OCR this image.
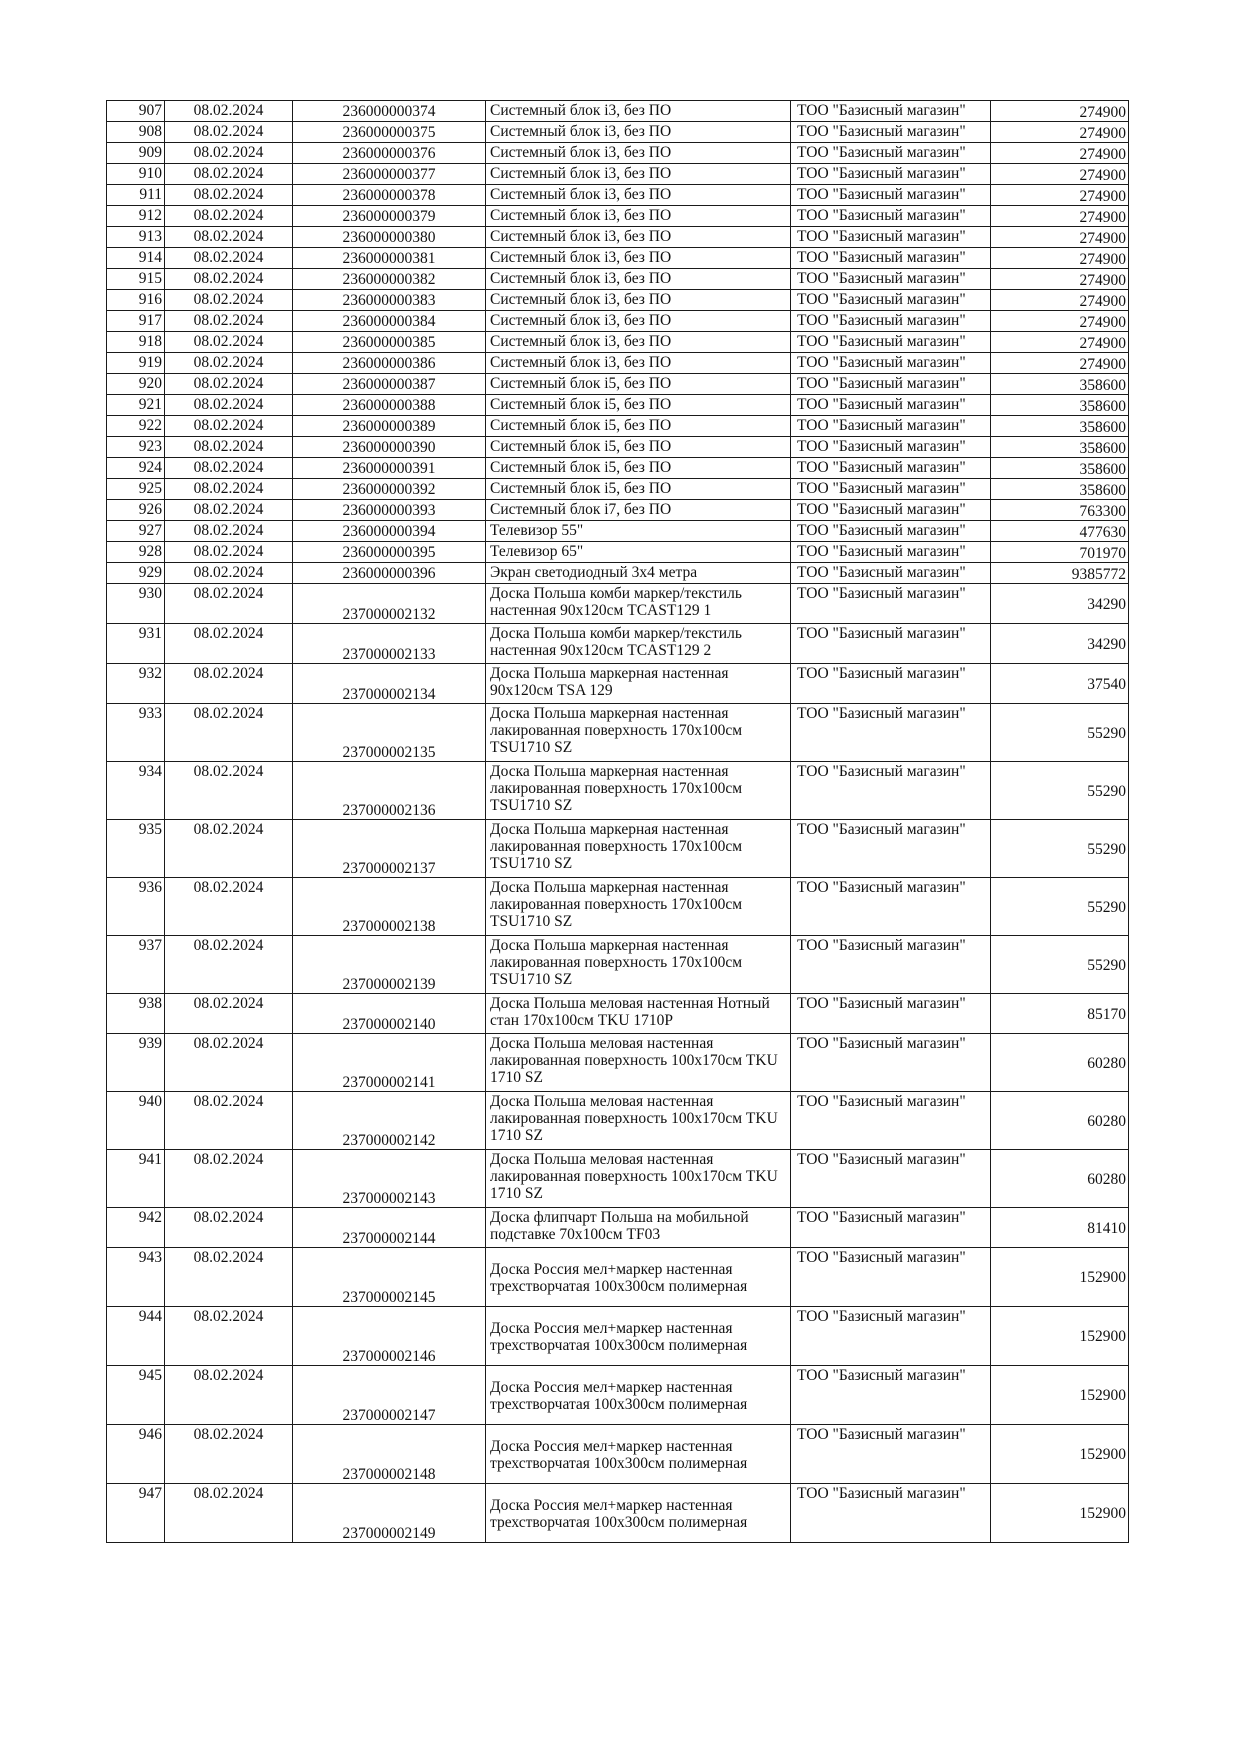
907	08.02.2024	236000000374	Системный блок i3, без ПО	ТОО "Базисный магазин"	274900
908	08.02.2024	236000000375	Системный блок i3, без ПО	ТОО "Базисный магазин"	274900
909	08.02.2024	236000000376	Системный блок i3, без ПО	ТОО "Базисный магазин"	274900
910	08.02.2024	236000000377	Системный блок i3, без ПО	ТОО "Базисный магазин"	274900
911	08.02.2024	236000000378	Системный блок i3, без ПО	ТОО "Базисный магазин"	274900
912	08.02.2024	236000000379	Системный блок i3, без ПО	ТОО "Базисный магазин"	274900
913	08.02.2024	236000000380	Системный блок i3, без ПО	ТОО "Базисный магазин"	274900
914	08.02.2024	236000000381	Системный блок i3, без ПО	ТОО "Базисный магазин"	274900
915	08.02.2024	236000000382	Системный блок i3, без ПО	ТОО "Базисный магазин"	274900
916	08.02.2024	236000000383	Системный блок i3, без ПО	ТОО "Базисный магазин"	274900
917	08.02.2024	236000000384	Системный блок i3, без ПО	ТОО "Базисный магазин"	274900
918	08.02.2024	236000000385	Системный блок i3, без ПО	ТОО "Базисный магазин"	274900
919	08.02.2024	236000000386	Системный блок i3, без ПО	ТОО "Базисный магазин"	274900
920	08.02.2024	236000000387	Системный блок i5, без ПО	ТОО "Базисный магазин"	358600
921	08.02.2024	236000000388	Системный блок i5, без ПО	ТОО "Базисный магазин"	358600
922	08.02.2024	236000000389	Системный блок i5, без ПО	ТОО "Базисный магазин"	358600
923	08.02.2024	236000000390	Системный блок i5, без ПО	ТОО "Базисный магазин"	358600
924	08.02.2024	236000000391	Системный блок i5, без ПО	ТОО "Базисный магазин"	358600
925	08.02.2024	236000000392	Системный блок i5, без ПО	ТОО "Базисный магазин"	358600
926	08.02.2024	236000000393	Системный блок i7, без ПО	ТОО "Базисный магазин"	763300
927	08.02.2024	236000000394	Телевизор 55"	ТОО "Базисный магазин"	477630
928	08.02.2024	236000000395	Телевизор 65"	ТОО "Базисный магазин"	701970
929	08.02.2024	236000000396	Экран светодиодный 3х4 метра	ТОО "Базисный магазин"	9385772
930	08.02.2024	237000002132	Доска Польша комби маркер/текстиль настенная 90х120см TCAST129 1	ТОО "Базисный магазин"	34290
931	08.02.2024	237000002133	Доска Польша комби маркер/текстиль настенная 90х120см TCAST129 2	ТОО "Базисный магазин"	34290
932	08.02.2024	237000002134	Доска Польша маркерная настенная 90х120см TSA 129	ТОО "Базисный магазин"	37540
933	08.02.2024	237000002135	Доска Польша маркерная настенная лакированная поверхность 170х100см TSU1710 SZ	ТОО "Базисный магазин"	55290
934	08.02.2024	237000002136	Доска Польша маркерная настенная лакированная поверхность 170х100см TSU1710 SZ	ТОО "Базисный магазин"	55290
935	08.02.2024	237000002137	Доска Польша маркерная настенная лакированная поверхность 170х100см TSU1710 SZ	ТОО "Базисный магазин"	55290
936	08.02.2024	237000002138	Доска Польша маркерная настенная лакированная поверхность 170х100см TSU1710 SZ	ТОО "Базисный магазин"	55290
937	08.02.2024	237000002139	Доска Польша маркерная настенная лакированная поверхность 170х100см TSU1710 SZ	ТОО "Базисный магазин"	55290
938	08.02.2024	237000002140	Доска Польша меловая настенная Нотный стан 170х100см TKU 1710P	ТОО "Базисный магазин"	85170
939	08.02.2024	237000002141	Доска Польша меловая настенная лакированная поверхность 100х170см TKU 1710 SZ	ТОО "Базисный магазин"	60280
940	08.02.2024	237000002142	Доска Польша меловая настенная лакированная поверхность 100х170см TKU 1710 SZ	ТОО "Базисный магазин"	60280
941	08.02.2024	237000002143	Доска Польша меловая настенная лакированная поверхность 100х170см TKU 1710 SZ	ТОО "Базисный магазин"	60280
942	08.02.2024	237000002144	Доска флипчарт Польша на мобильной подставке 70х100см TF03	ТОО "Базисный магазин"	81410
943	08.02.2024	237000002145	Доска Россия мел+маркер настенная трехстворчатая 100х300см полимерная	ТОО "Базисный магазин"	152900
944	08.02.2024	237000002146	Доска Россия мел+маркер настенная трехстворчатая 100х300см полимерная	ТОО "Базисный магазин"	152900
945	08.02.2024	237000002147	Доска Россия мел+маркер настенная трехстворчатая 100х300см полимерная	ТОО "Базисный магазин"	152900
946	08.02.2024	237000002148	Доска Россия мел+маркер настенная трехстворчатая 100х300см полимерная	ТОО "Базисный магазин"	152900
947	08.02.2024	237000002149	Доска Россия мел+маркер настенная трехстворчатая 100х300см полимерная	ТОО "Базисный магазин"	152900
